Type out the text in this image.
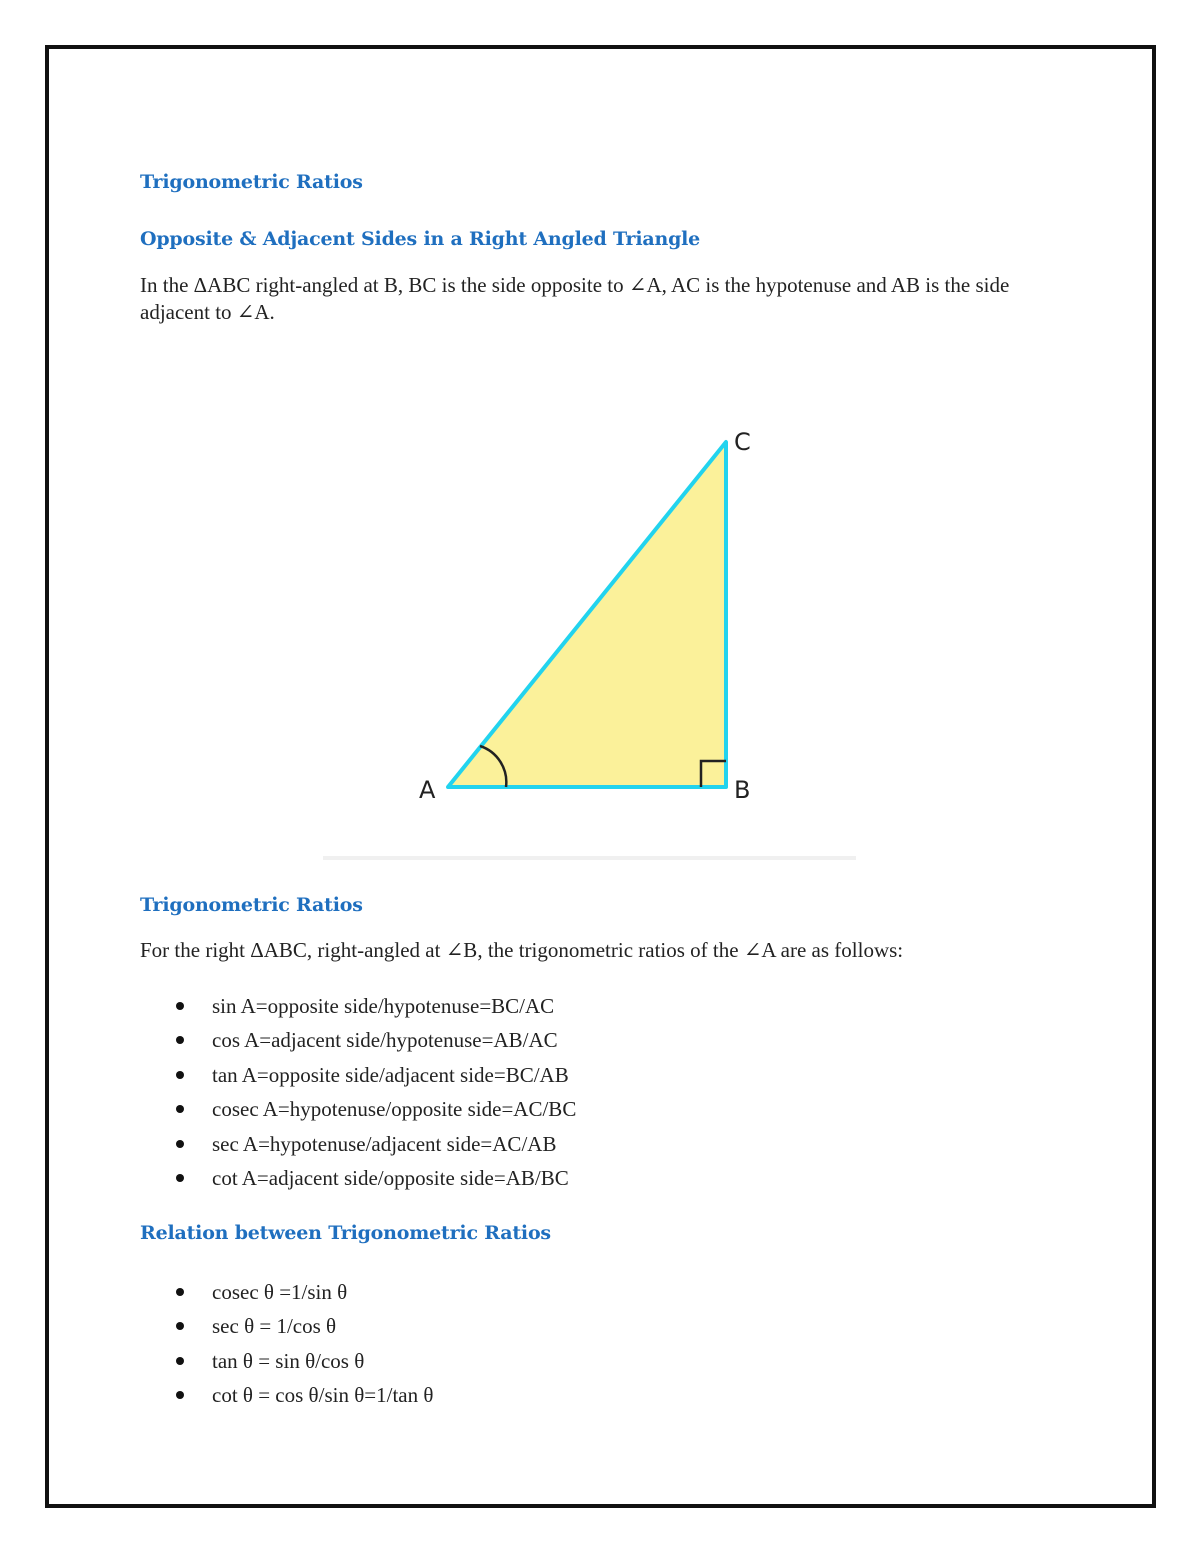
Trigonometric Ratios
Opposite & Adjacent Sides in a Right Angled Triangle

In the ΔABC right-angled at B, BC is the side opposite to ∠A, AC is the hypotenuse and AB is the side adjacent to ∠A.

A	B
C
Trigonometric Ratios

For the right ΔABC, right-angled at ∠B, the trigonometric ratios of the ∠A are as follows:

sin A=opposite side/hypotenuse=BC/AC
cos A=adjacent side/hypotenuse=AB/AC
tan A=opposite side/adjacent side=BC/AB
cosec A=hypotenuse/opposite side=AC/BC
sec A=hypotenuse/adjacent side=AC/AB
cot A=adjacent side/opposite side=AB/BC
Relation between Trigonometric Ratios
cosec θ =1/sin θ
sec θ = 1/cos θ
tan θ = sin θ/cos θ
cot θ = cos θ/sin θ=1/tan θ
